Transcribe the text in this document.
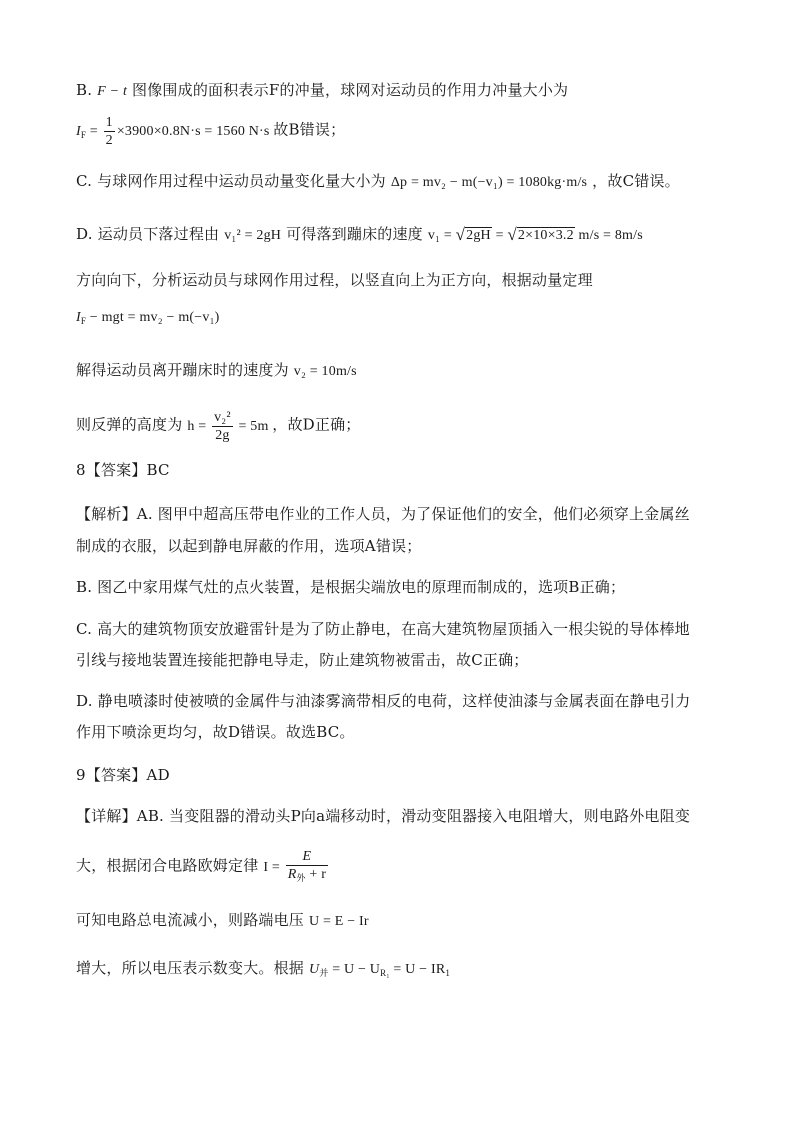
B. F − t 图像围成的面积表示F的冲量，球网对运动员的作用力冲量大小为
$I_F = \frac{1}{2} \times 3900\times 0.8N\cdot s = 1560$ N·s 故B错误；
C. 与球网作用过程中运动员动量变化量大小为 Δp = mv₂ − m(−v₁) = 1080kg·m/s ，故C错误。
D. 运动员下落过程由 v₁² = 2gH 可得落到蹦床的速度 v₁ = √2gH = √2×10×3.2 m/s = 8m/s
方向向下，分析运动员与球网作用过程，以竖直向上为正方向，根据动量定理
$I_F$ − mgt = mv₂ − m(−v₁)
解得运动员离开蹦床时的速度为 v₂ = 10m/s
则反弹的高度为 $h = \frac{\text{v₂²}}{2g} = 5m$ ，故D正确；
8【答案】BC
【解析】A. 图甲中超高压带电作业的工作人员，为了保证他们的安全，他们必须穿上金属丝
制成的衣服，以起到静电屏蔽的作用，选项A错误；
B. 图乙中家用煤气灶的点火装置，是根据尖端放电的原理而制成的，选项B正确；
C. 高大的建筑物顶安放避雷针是为了防止静电，在高大建筑物屋顶插入一根尖锐的导体棒地
引线与接地装置连接能把静电导走，防止建筑物被雷击，故C正确；
D. 静电喷漆时使被喷的金属件与油漆雾滴带相反的电荷，这样使油漆与金属表面在静电引力
作用下喷涂更均匀，故D错误。故选BC。
9【答案】AD
【详解】AB. 当变阻器的滑动头P向a端移动时，滑动变阻器接入电阻增大，则电路外电阻变
大，根据闭合电路欧姆定律 $I = \frac{E}{R_外 + r}$
可知电路总电流减小，则路端电压 U = E − Ir
增大，所以电压表示数变大。根据 $U_并 = U - U_{R_1} = U - IR_1$
